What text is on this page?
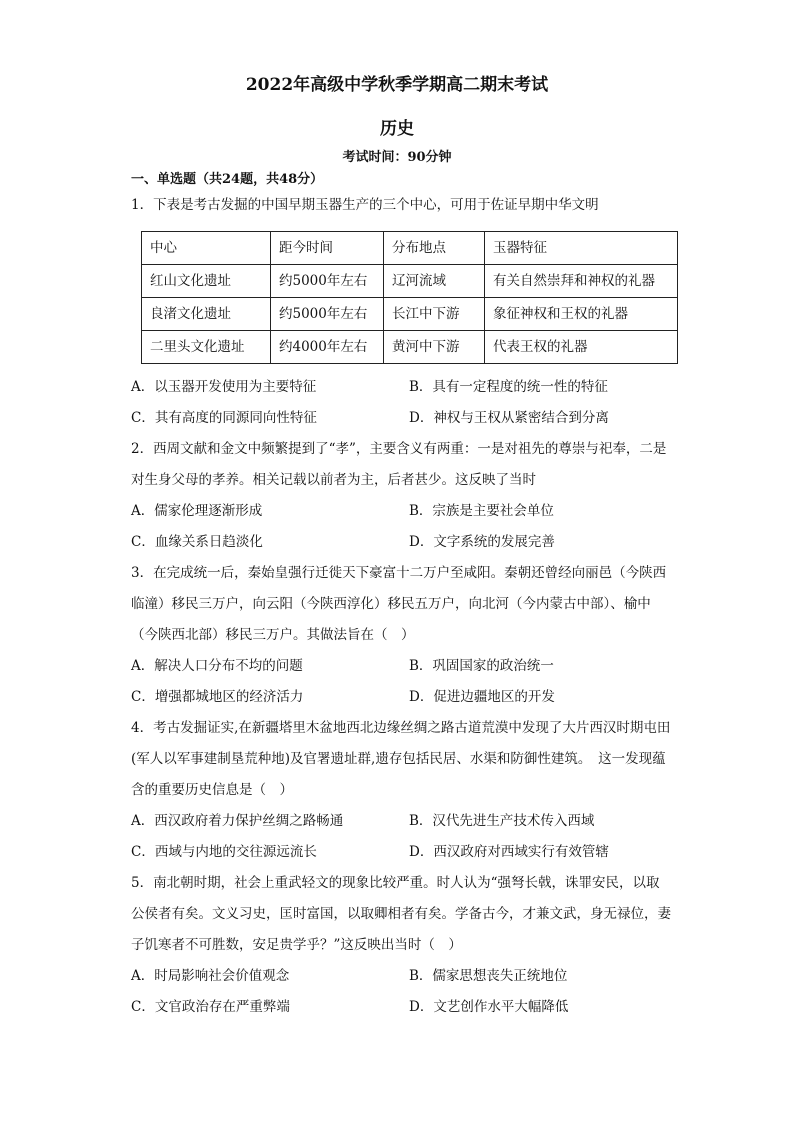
2022年高级中学秋季学期高二期末考试
历史
考试时间：90分钟
一、单选题（共24题，共48分）

1．下表是考古发掘的中国早期玉器生产的三个中心，可用于佐证早期中华文明

中心	距今时间	分布地点	玉器特征
红山文化遗址	约5000年左右	辽河流域	有关自然崇拜和神权的礼器
良渚文化遗址	约5000年左右	长江中下游	象征神权和王权的礼器
二里头文化遗址	约4000年左右	黄河中下游	代表王权的礼器
A．以玉器开发使用为主要特征	B．具有一定程度的统一性的特征
C．其有高度的同源同向性特征	D．神权与王权从紧密结合到分离

2．西周文献和金文中频繁提到了“孝”，主要含义有两重：一是对祖先的尊崇与祀奉，二是对生身父母的孝养。相关记载以前者为主，后者甚少。这反映了当时

A．儒家伦理逐渐形成	B．宗族是主要社会单位
C．血缘关系日趋淡化	D．文字系统的发展完善

3．在完成统一后，秦始皇强行迁徙天下豪富十二万户至咸阳。秦朝还曾经向丽邑（今陕西临潼）移民三万户，向云阳（今陕西淳化）移民五万户，向北河（今内蒙古中部）、榆中（今陕西北部）移民三万户。其做法旨在（　）

A．解决人口分布不均的问题	B．巩固国家的政治统一
C．增强都城地区的经济活力	D．促进边疆地区的开发

4．考古发掘证实,在新疆塔里木盆地西北边缘丝绸之路古道荒漠中发现了大片西汉时期屯田(军人以军事建制垦荒种地)及官署遗址群,遗存包括民居、水渠和防御性建筑。　这一发现蕴含的重要历史信息是（　）

A．西汉政府着力保护丝绸之路畅通	B．汉代先进生产技术传入西域
C．西域与内地的交往源远流长	D．西汉政府对西域实行有效管辖

5．南北朝时期，社会上重武轻文的现象比较严重。时人认为“强弩长戟，诛罪安民，以取公侯者有矣。文义习史，匡时富国，以取卿相者有矣。学备古今，才兼文武，身无禄位，妻子饥寒者不可胜数，安足贵学乎？”这反映出当时（　）

A．时局影响社会价值观念	B．儒家思想丧失正统地位
C．文官政治存在严重弊端	D．文艺创作水平大幅降低
